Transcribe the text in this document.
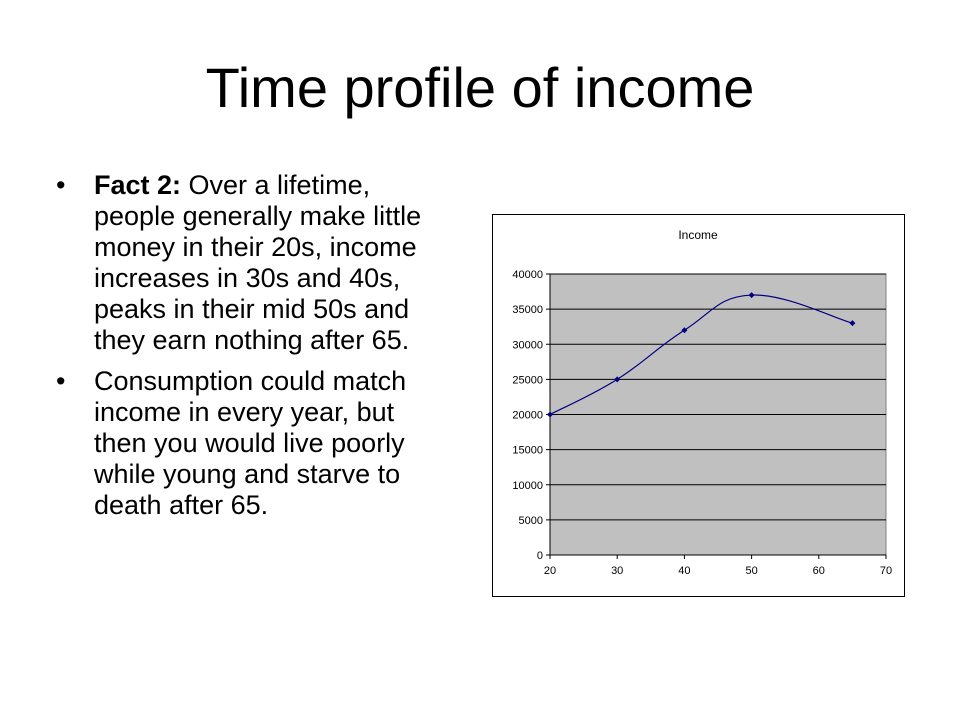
Time profile of income
• Fact 2: Over a lifetime, people generally make little money in their 20s, income increases in 30s and 40s, peaks in their mid 50s and they earn nothing after 65.
• Consumption could match income in every year, but then you would live poorly while young and starve to death after 65.
Income
0
5000
10000
15000
20000
25000
30000
35000
40000
20	30	40	50	60	70
